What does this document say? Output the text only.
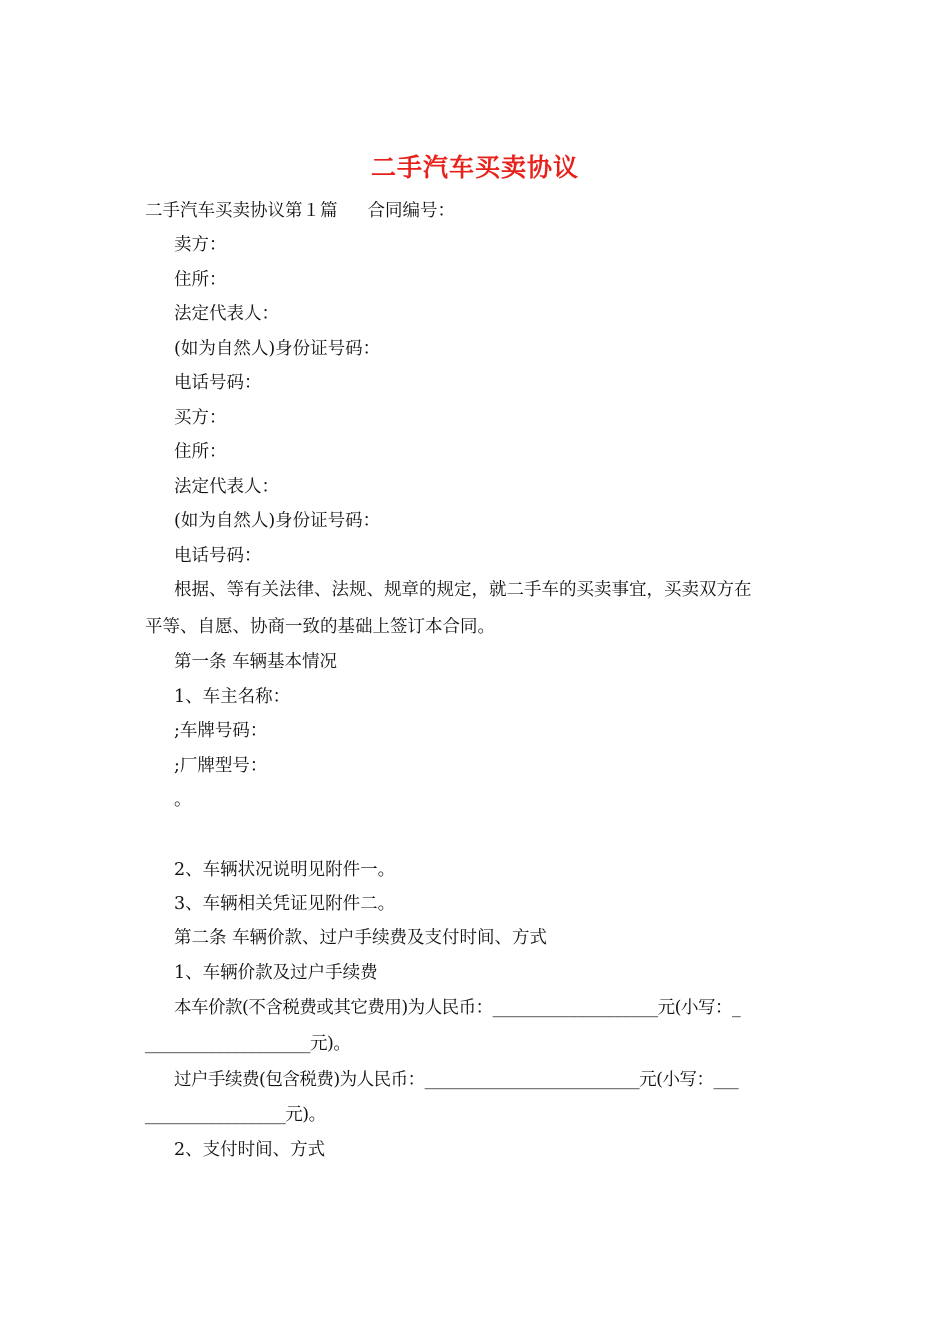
二手汽车买卖协议
二手汽车买卖协议第１篇 合同编号：
卖方：
住所：
法定代表人：
(如为自然人)身份证号码：
电话号码：
买方：
住所：
法定代表人：
(如为自然人)身份证号码：
电话号码：
根据、等有关法律、法规、规章的规定，就二手车的买卖事宜，买卖双方在
平等、自愿、协商一致的基础上签订本合同。
第一条 车辆基本情况
1、车主名称：
;车牌号码：
;厂牌型号：
。
2、车辆状况说明见附件一。
3、车辆相关凭证见附件二。
第二条 车辆价款、过户手续费及支付时间、方式
1、车辆价款及过户手续费
本车价款(不含税费或其它费用)为人民币：____________________元(小写：_
____________________元)。
过户手续费(包含税费)为人民币：__________________________元(小写：___
_________________元)。
2、支付时间、方式
